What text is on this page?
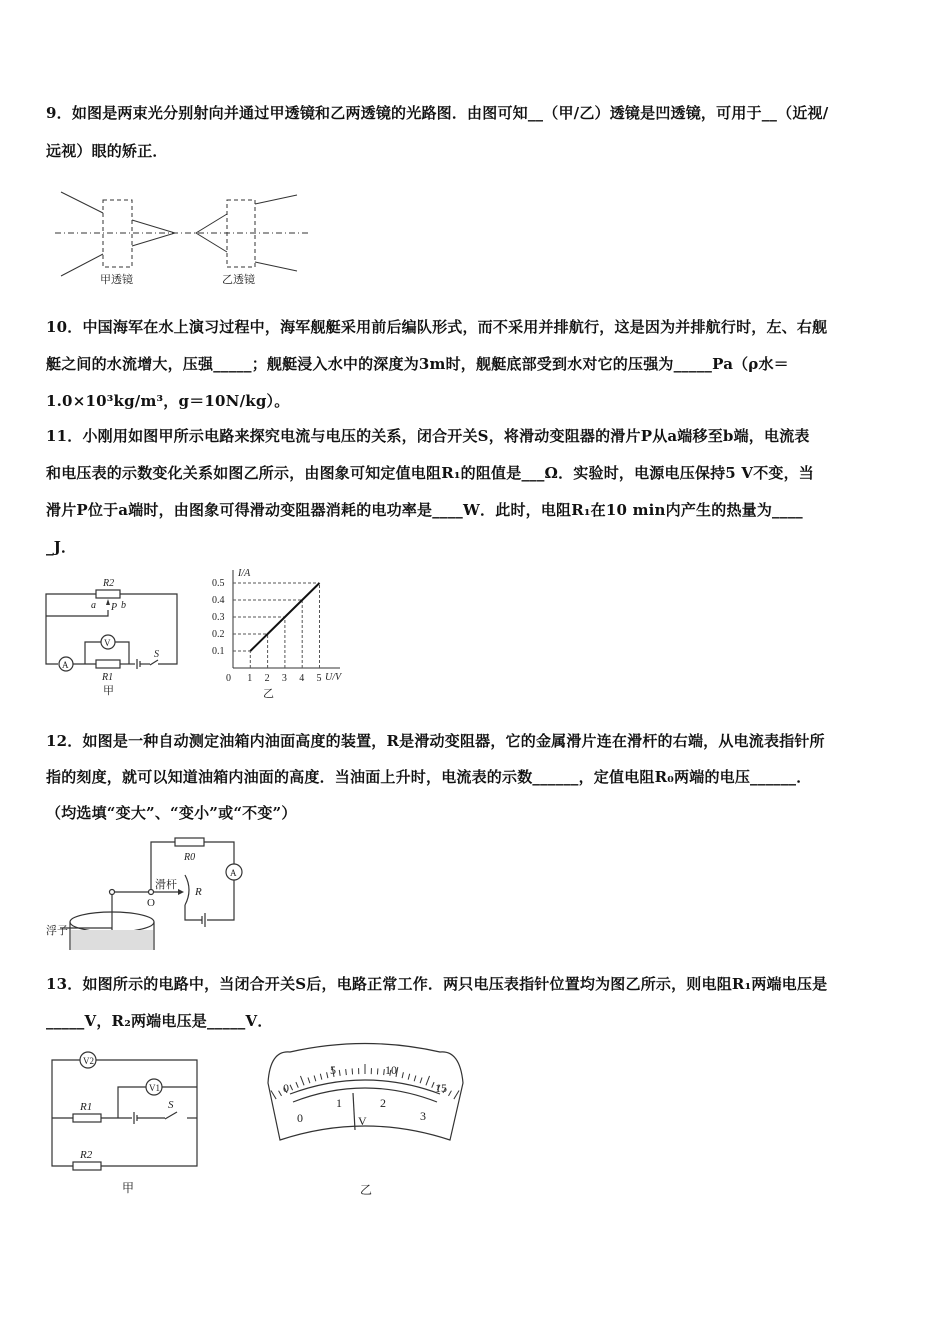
9．如图是两束光分别射向并通过甲透镜和乙两透镜的光路图．由图可知__（甲/乙）透镜是凹透镜，可用于__（近视/
远视）眼的矫正．
甲透镜	乙透镜
10．中国海军在水上演习过程中，海军舰艇采用前后编队形式，而不采用并排航行，这是因为并排航行时，左、右舰
艇之间的水流增大，压强_____；舰艇浸入水中的深度为3m时，舰艇底部受到水对它的压强为_____Pa（ρ水＝
1.0×10³kg/m³，g＝10N/kg）。
11．小刚用如图甲所示电路来探究电流与电压的关系，闭合开关S，将滑动变阻器的滑片P从a端移至b端，电流表
和电压表的示数变化关系如图乙所示，由图象可知定值电阻R₁的阻值是___Ω．实验时，电源电压保持5 V不变，当
滑片P位于a端时，由图象可得滑动变阻器消耗的电功率是____W．此时，电阻R₁在10 min内产生的热量为____
_J．
R2
a P b
V
A
R1
S
甲
I/A
U/V
0
乙
1
0.1
2
0.2
3
0.3
4
0.4
5
0.5
12．如图是一种自动测定油箱内油面高度的装置，R是滑动变阻器，它的金属滑片连在滑杆的右端，从电流表指针所
指的刻度，就可以知道油箱内油面的高度．当油面上升时，电流表的示数______，定值电阻R₀两端的电压______．
（均选填“变大”、“变小”或“不变”）
R0
A
滑杆
R
O
浮子
13．如图所示的电路中，当闭合开关S后，电路正常工作．两只电压表指针位置均为图乙所示，则电阻R₁两端电压是
_____V，R₂两端电压是_____V．
V2
V1
R1
R2
S
甲
0
5	10
15
0
1	2
3
V
乙
